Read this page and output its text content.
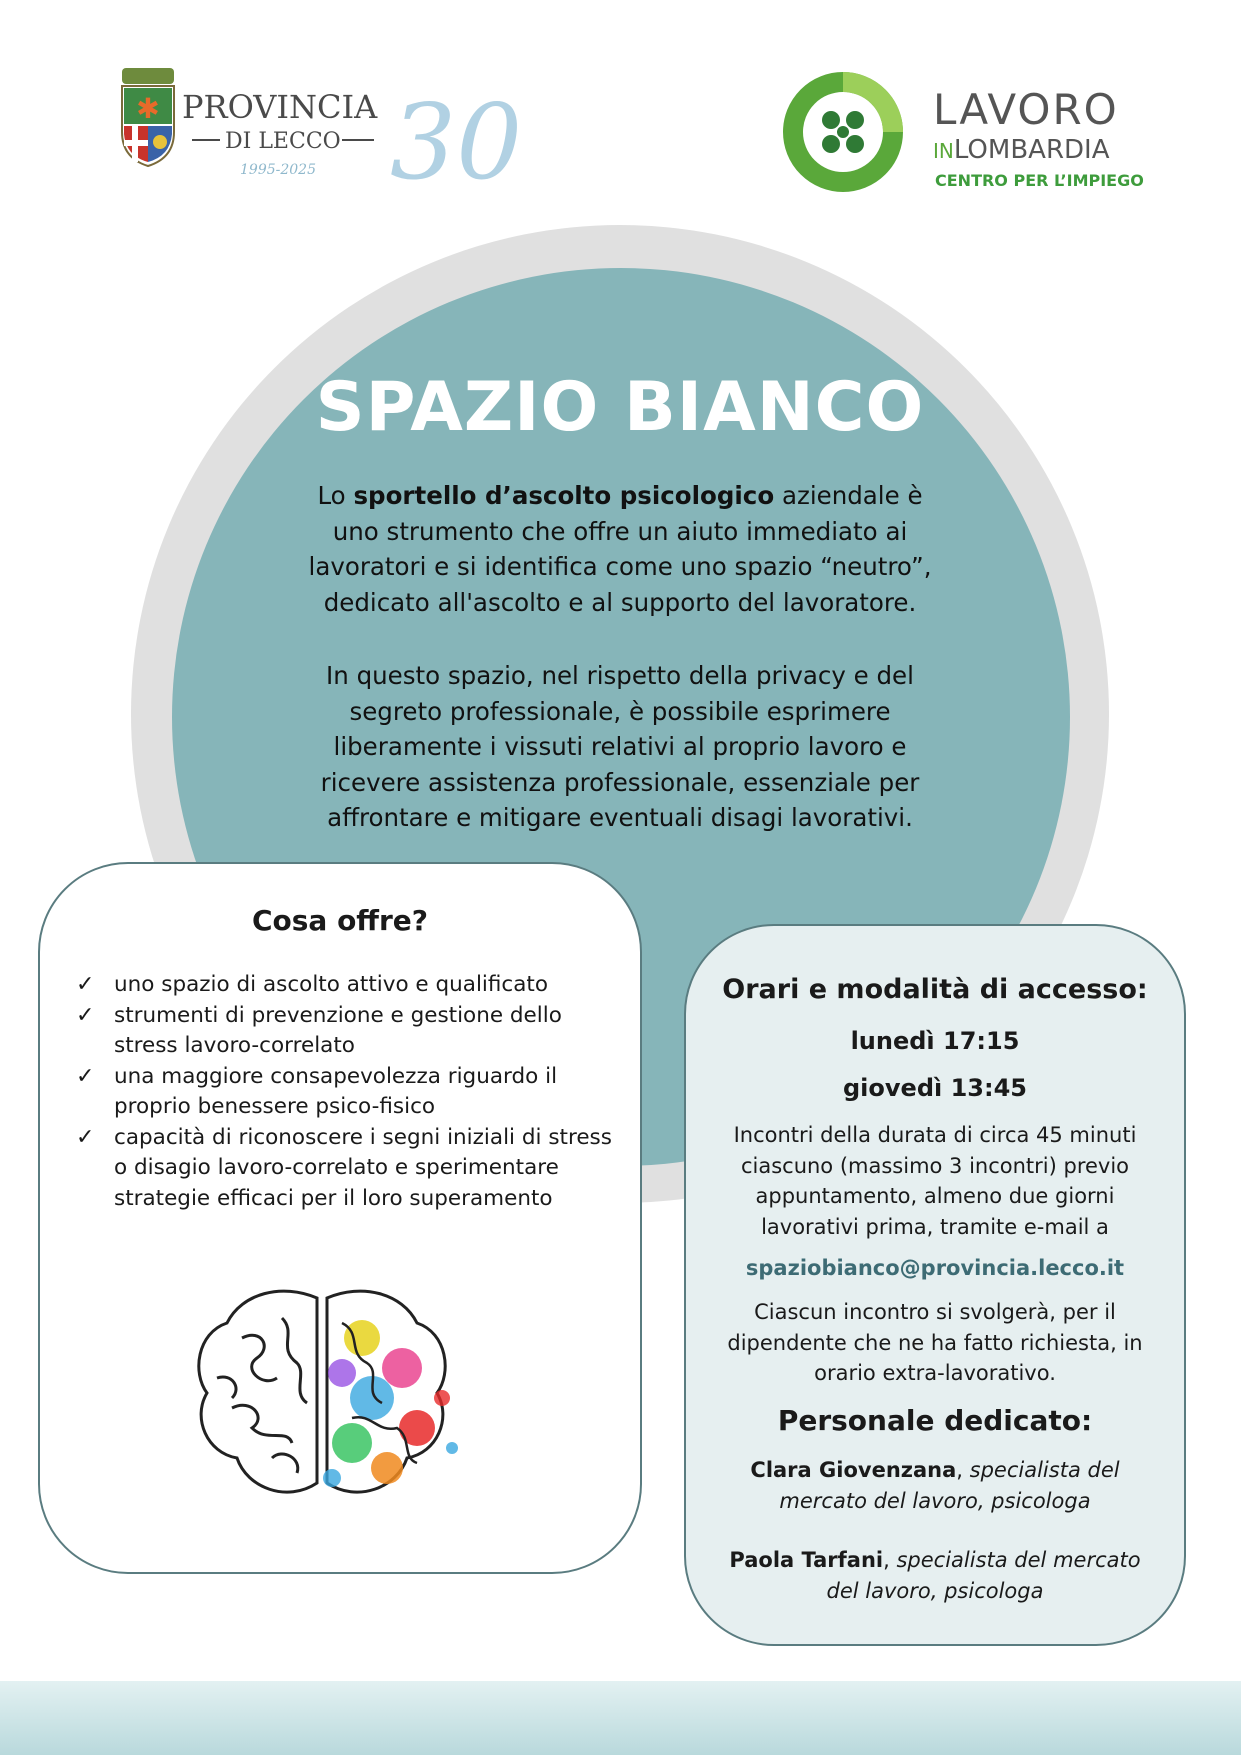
✱ PROVINCIA
DI LECCO
1995-2025 30	LAVORO
INLOMBARDIA
CENTRO PER L’IMPIEGO
SPAZIO BIANCO
Lo sportello d’ascolto psicologico aziendale è uno strumento che offre un aiuto immediato ai lavoratori e si identifica come uno spazio “neutro”, dedicato all'ascolto e al supporto del lavoratore.
In questo spazio, nel rispetto della privacy e del segreto professionale, è possibile esprimere liberamente i vissuti relativi al proprio lavoro e ricevere assistenza professionale, essenziale per affrontare e mitigare eventuali disagi lavorativi.
Cosa offre?
✓ uno spazio di ascolto attivo e qualificato
✓ strumenti di prevenzione e gestione dello stress lavoro-correlato
✓ una maggiore consapevolezza riguardo il proprio benessere psico-fisico
✓ capacità di riconoscere i segni iniziali di stress o disagio lavoro-correlato e sperimentare strategie efficaci per il loro superamento
Orari e modalità di accesso:
lunedì 17:15
giovedì 13:45
Incontri della durata di circa 45 minuti ciascuno (massimo 3 incontri) previo appuntamento, almeno due giorni lavorativi prima, tramite e-mail a
spaziobianco@provincia.lecco.it
Ciascun incontro si svolgerà, per il dipendente che ne ha fatto richiesta, in orario extra-lavorativo.
Personale dedicato:
Clara Giovenzana, specialista del mercato del lavoro, psicologa
Paola Tarfani, specialista del mercato del lavoro, psicologa
